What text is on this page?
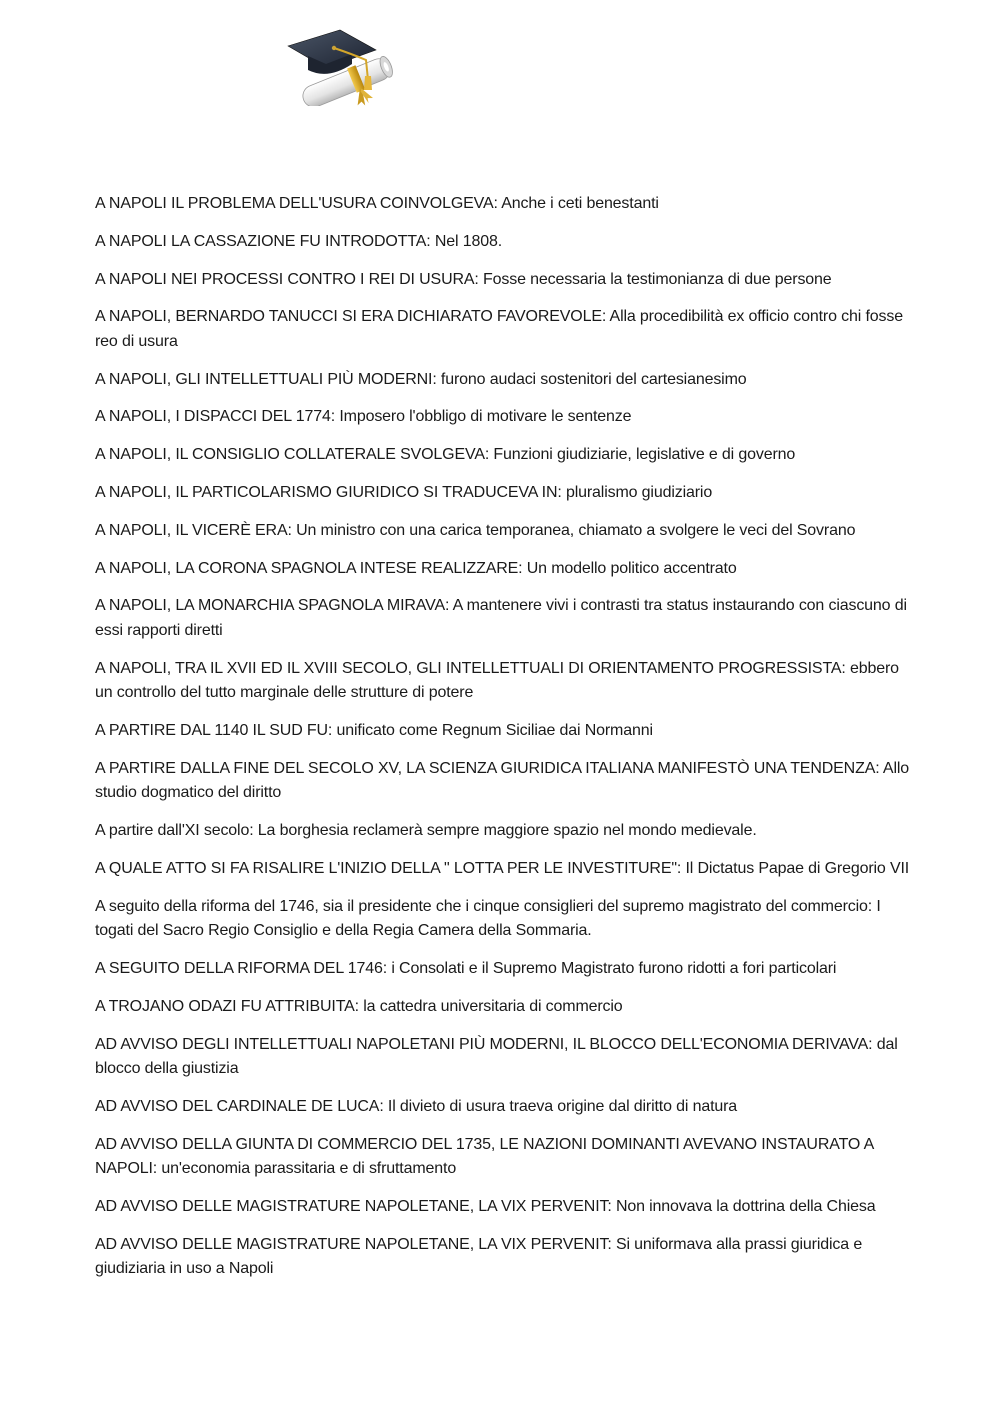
A NAPOLI IL PROBLEMA DELL'USURA COINVOLGEVA: Anche i ceti benestanti

A NAPOLI LA CASSAZIONE FU INTRODOTTA: Nel 1808.

A NAPOLI NEI PROCESSI CONTRO I REI DI USURA: Fosse necessaria la testimonianza di due persone

A NAPOLI, BERNARDO TANUCCI SI ERA DICHIARATO FAVOREVOLE: Alla procedibilità ex officio contro chi fosse reo di usura

A NAPOLI, GLI INTELLETTUALI PIÙ MODERNI: furono audaci sostenitori del cartesianesimo

A NAPOLI, I DISPACCI DEL 1774: Imposero l'obbligo di motivare le sentenze

A NAPOLI, IL CONSIGLIO COLLATERALE SVOLGEVA: Funzioni giudiziarie, legislative e di governo

A NAPOLI, IL PARTICOLARISMO GIURIDICO SI TRADUCEVA IN: pluralismo giudiziario

A NAPOLI, IL VICERÈ ERA: Un ministro con una carica temporanea, chiamato a svolgere le veci del Sovrano

A NAPOLI, LA CORONA SPAGNOLA INTESE REALIZZARE: Un modello politico accentrato

A NAPOLI, LA MONARCHIA SPAGNOLA MIRAVA: A mantenere vivi i contrasti tra status instaurando con ciascuno di essi rapporti diretti

A NAPOLI, TRA IL XVII ED IL XVIII SECOLO, GLI INTELLETTUALI DI ORIENTAMENTO PROGRESSISTA: ebbero un controllo del tutto marginale delle strutture di potere

A PARTIRE DAL 1140 IL SUD FU: unificato come Regnum Siciliae dai Normanni

A PARTIRE DALLA FINE DEL SECOLO XV, LA SCIENZA GIURIDICA ITALIANA MANIFESTÒ UNA TENDENZA: Allo studio dogmatico del diritto

A partire dall'XI secolo: La borghesia reclamerà sempre maggiore spazio nel mondo medievale.

A QUALE ATTO SI FA RISALIRE L'INIZIO DELLA " LOTTA PER LE INVESTITURE": Il Dictatus Papae di Gregorio VII

A seguito della riforma del 1746, sia il presidente che i cinque consiglieri del supremo magistrato del commercio: I togati del Sacro Regio Consiglio e della Regia Camera della Sommaria.

A SEGUITO DELLA RIFORMA DEL 1746: i Consolati e il Supremo Magistrato furono ridotti a fori particolari

A TROJANO ODAZI FU ATTRIBUITA: la cattedra universitaria di commercio

AD AVVISO DEGLI INTELLETTUALI NAPOLETANI PIÙ MODERNI, IL BLOCCO DELL'ECONOMIA DERIVAVA: dal blocco della giustizia

AD AVVISO DEL CARDINALE DE LUCA: Il divieto di usura traeva origine dal diritto di natura

AD AVVISO DELLA GIUNTA DI COMMERCIO DEL 1735, LE NAZIONI DOMINANTI AVEVANO INSTAURATO A NAPOLI: un'economia parassitaria e di sfruttamento

AD AVVISO DELLE MAGISTRATURE NAPOLETANE, LA VIX PERVENIT: Non innovava la dottrina della Chiesa

AD AVVISO DELLE MAGISTRATURE NAPOLETANE, LA VIX PERVENIT: Si uniformava alla prassi giuridica e giudiziaria in uso a Napoli
